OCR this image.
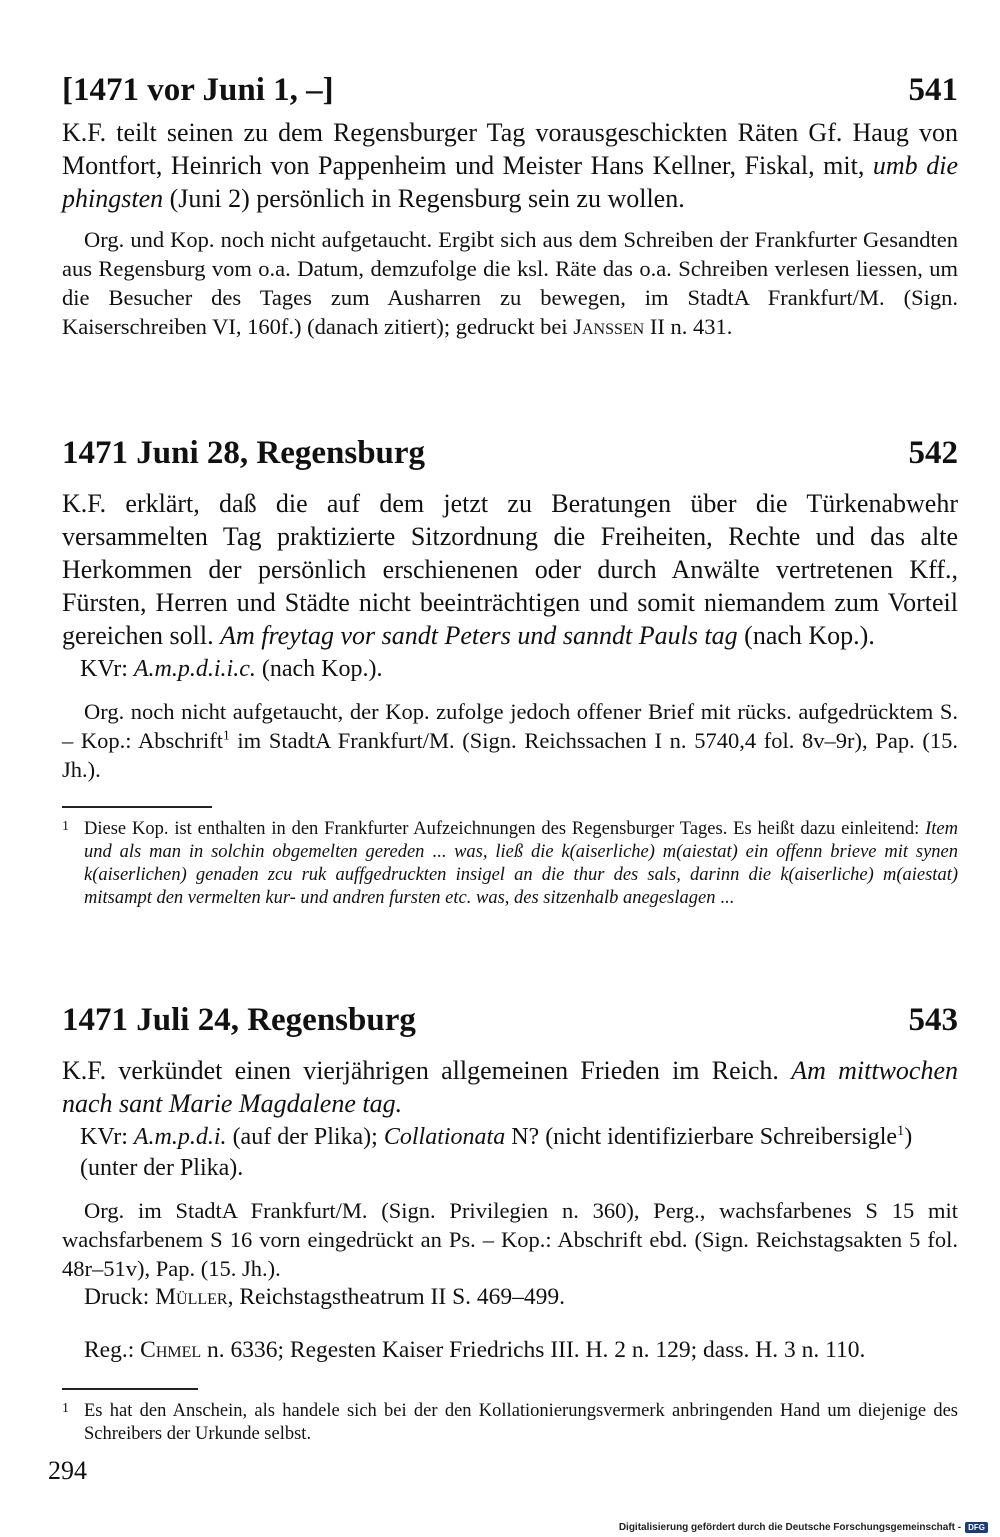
[1471 vor Juni 1, –]	541

K.F. teilt seinen zu dem Regensburger Tag vorausgeschickten Räten Gf. Haug von Montfort, Heinrich von Pappenheim und Meister Hans Kellner, Fiskal, mit, umb die phingsten (Juni 2) persönlich in Regensburg sein zu wollen.

Org. und Kop. noch nicht aufgetaucht. Ergibt sich aus dem Schreiben der Frankfurter Gesandten aus Regensburg vom o.a. Datum, demzufolge die ksl. Räte das o.a. Schreiben verlesen liessen, um die Besucher des Tages zum Ausharren zu bewegen, im StadtA Frankfurt/M. (Sign. Kaiserschreiben VI, 160f.) (danach zitiert); gedruckt bei Janssen II n. 431.

1471 Juni 28, Regensburg	542

K.F. erklärt, daß die auf dem jetzt zu Beratungen über die Türkenabwehr versammelten Tag praktizierte Sitzordnung die Freiheiten, Rechte und das alte Herkommen der persönlich erschienenen oder durch Anwälte vertretenen Kff., Fürsten, Herren und Städte nicht beeinträchtigen und somit niemandem zum Vorteil gereichen soll. Am freytag vor sandt Peters und sanndt Pauls tag (nach Kop.).

KVr: A.m.p.d.i.i.c. (nach Kop.).

Org. noch nicht aufgetaucht, der Kop. zufolge jedoch offener Brief mit rücks. aufgedrücktem S. – Kop.: Abschrift$^1$ im StadtA Frankfurt/M. (Sign. Reichssachen I n. 5740,4 fol. 8v–9r), Pap. (15. Jh.).

1 Diese Kop. ist enthalten in den Frankfurter Aufzeichnungen des Regensburger Tages. Es heißt dazu einleitend: Item und als man in solchin obgemelten gereden ... was, ließ die k(aiserliche) m(aiestat) ein offenn brieve mit synen k(aiserlichen) genaden zcu ruk auffgedruckten insigel an die thur des sals, darinn die k(aiserliche) m(aiestat) mitsampt den vermelten kur- und andren fursten etc. was, des sitzenhalb anegeslagen ...
1471 Juli 24, Regensburg	543

K.F. verkündet einen vierjährigen allgemeinen Frieden im Reich. Am mittwochen nach sant Marie Magdalene tag.

KVr: A.m.p.d.i. (auf der Plika); Collationata N? (nicht identifizierbare Schreibersigle$^1$) (unter der Plika).

Org. im StadtA Frankfurt/M. (Sign. Privilegien n. 360), Perg., wachsfarbenes S 15 mit wachsfarbenem S 16 vorn eingedrückt an Ps. – Kop.: Abschrift ebd. (Sign. Reichstagsakten 5 fol. 48r–51v), Pap. (15. Jh.).

Druck: Müller, Reichstagstheatrum II S. 469–499.

Reg.: Chmel n. 6336; Regesten Kaiser Friedrichs III. H. 2 n. 129; dass. H. 3 n. 110.

1 Es hat den Anschein, als handele sich bei der den Kollationierungsvermerk anbringenden Hand um diejenige des Schreibers der Urkunde selbst.
294
Digitalisierung gefördert durch die Deutsche Forschungsgemeinschaft - DFG
